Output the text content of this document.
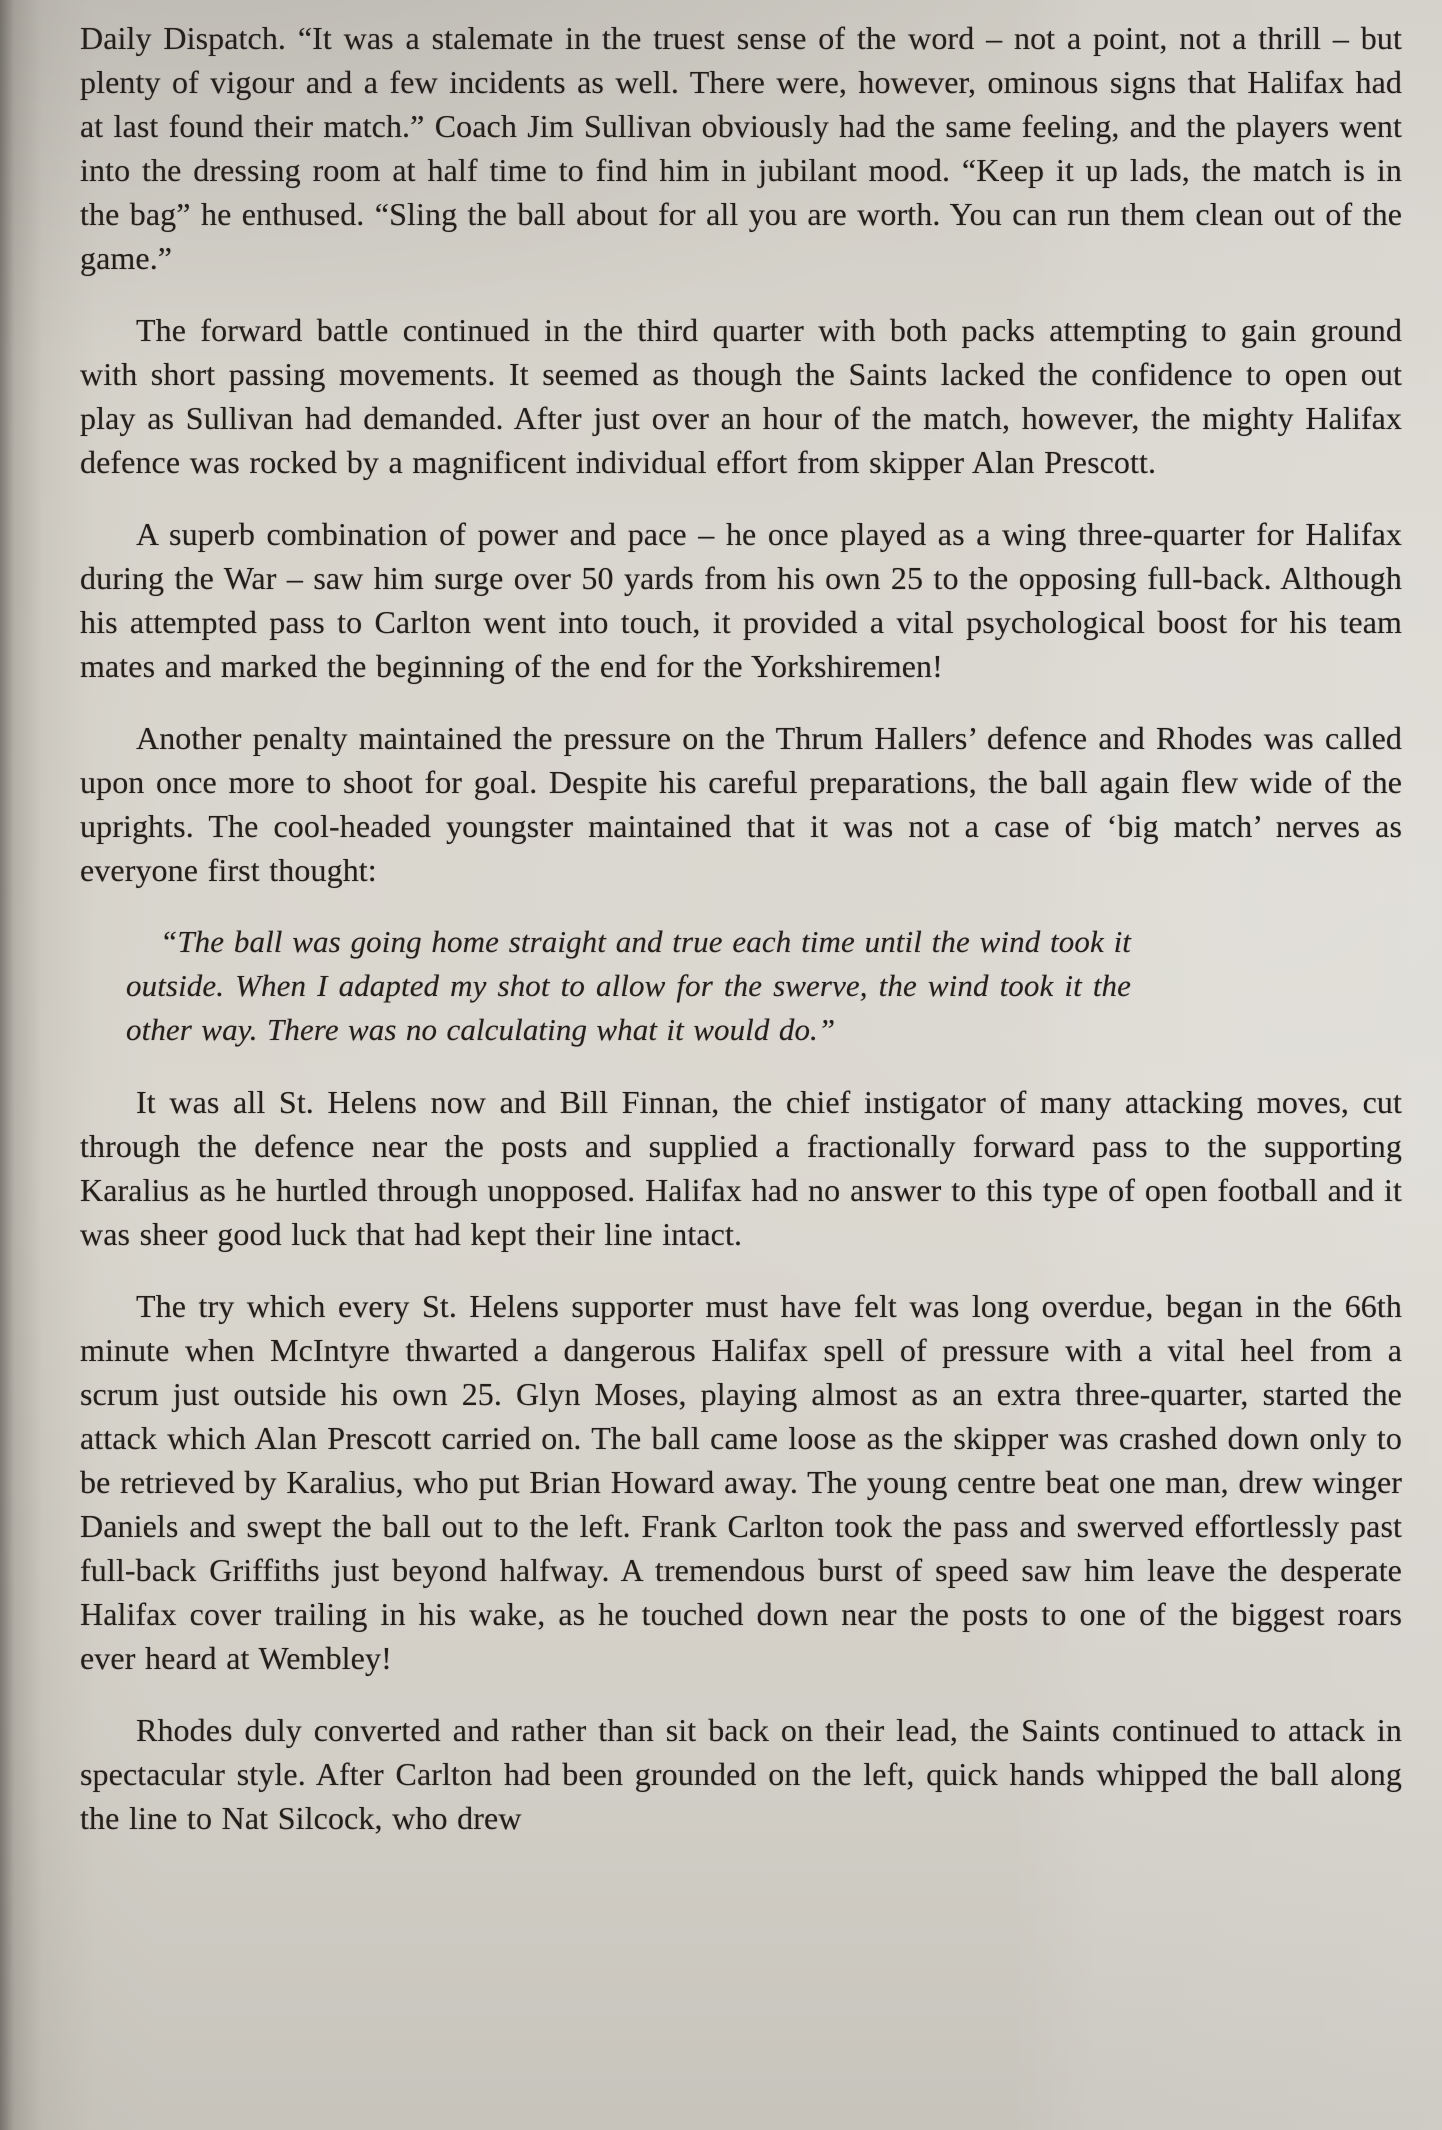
Daily Dispatch. “It was a stalemate in the truest sense of the word – not a point, not a thrill – but plenty of vigour and a few incidents as well. There were, however, ominous signs that Halifax had at last found their match.” Coach Jim Sullivan obviously had the same feeling, and the players went into the dressing room at half time to find him in jubilant mood. “Keep it up lads, the match is in the bag” he enthused. “Sling the ball about for all you are worth. You can run them clean out of the game.”

The forward battle continued in the third quarter with both packs attempting to gain ground with short passing movements. It seemed as though the Saints lacked the confidence to open out play as Sullivan had demanded. After just over an hour of the match, however, the mighty Halifax defence was rocked by a magnificent individual effort from skipper Alan Prescott.

A superb combination of power and pace – he once played as a wing three-quarter for Halifax during the War – saw him surge over 50 yards from his own 25 to the opposing full-back. Although his attempted pass to Carlton went into touch, it provided a vital psychological boost for his team mates and marked the beginning of the end for the Yorkshiremen!

Another penalty maintained the pressure on the Thrum Hallers’ defence and Rhodes was called upon once more to shoot for goal. Despite his careful preparations, the ball again flew wide of the uprights. The cool-headed youngster maintained that it was not a case of ‘big match’ nerves as everyone first thought:

“The ball was going home straight and true each time until the wind took it outside. When I adapted my shot to allow for the swerve, the wind took it the other way. There was no calculating what it would do.”

It was all St. Helens now and Bill Finnan, the chief instigator of many attacking moves, cut through the defence near the posts and supplied a fractionally forward pass to the supporting Karalius as he hurtled through unopposed. Halifax had no answer to this type of open football and it was sheer good luck that had kept their line intact.

The try which every St. Helens supporter must have felt was long overdue, began in the 66th minute when McIntyre thwarted a dangerous Halifax spell of pressure with a vital heel from a scrum just outside his own 25. Glyn Moses, playing almost as an extra three-quarter, started the attack which Alan Prescott carried on. The ball came loose as the skipper was crashed down only to be retrieved by Karalius, who put Brian Howard away. The young centre beat one man, drew winger Daniels and swept the ball out to the left. Frank Carlton took the pass and swerved effortlessly past full-back Griffiths just beyond halfway. A tremendous burst of speed saw him leave the desperate Halifax cover trailing in his wake, as he touched down near the posts to one of the biggest roars ever heard at Wembley!

Rhodes duly converted and rather than sit back on their lead, the Saints continued to attack in spectacular style. After Carlton had been grounded on the left, quick hands whipped the ball along the line to Nat Silcock, who drew
